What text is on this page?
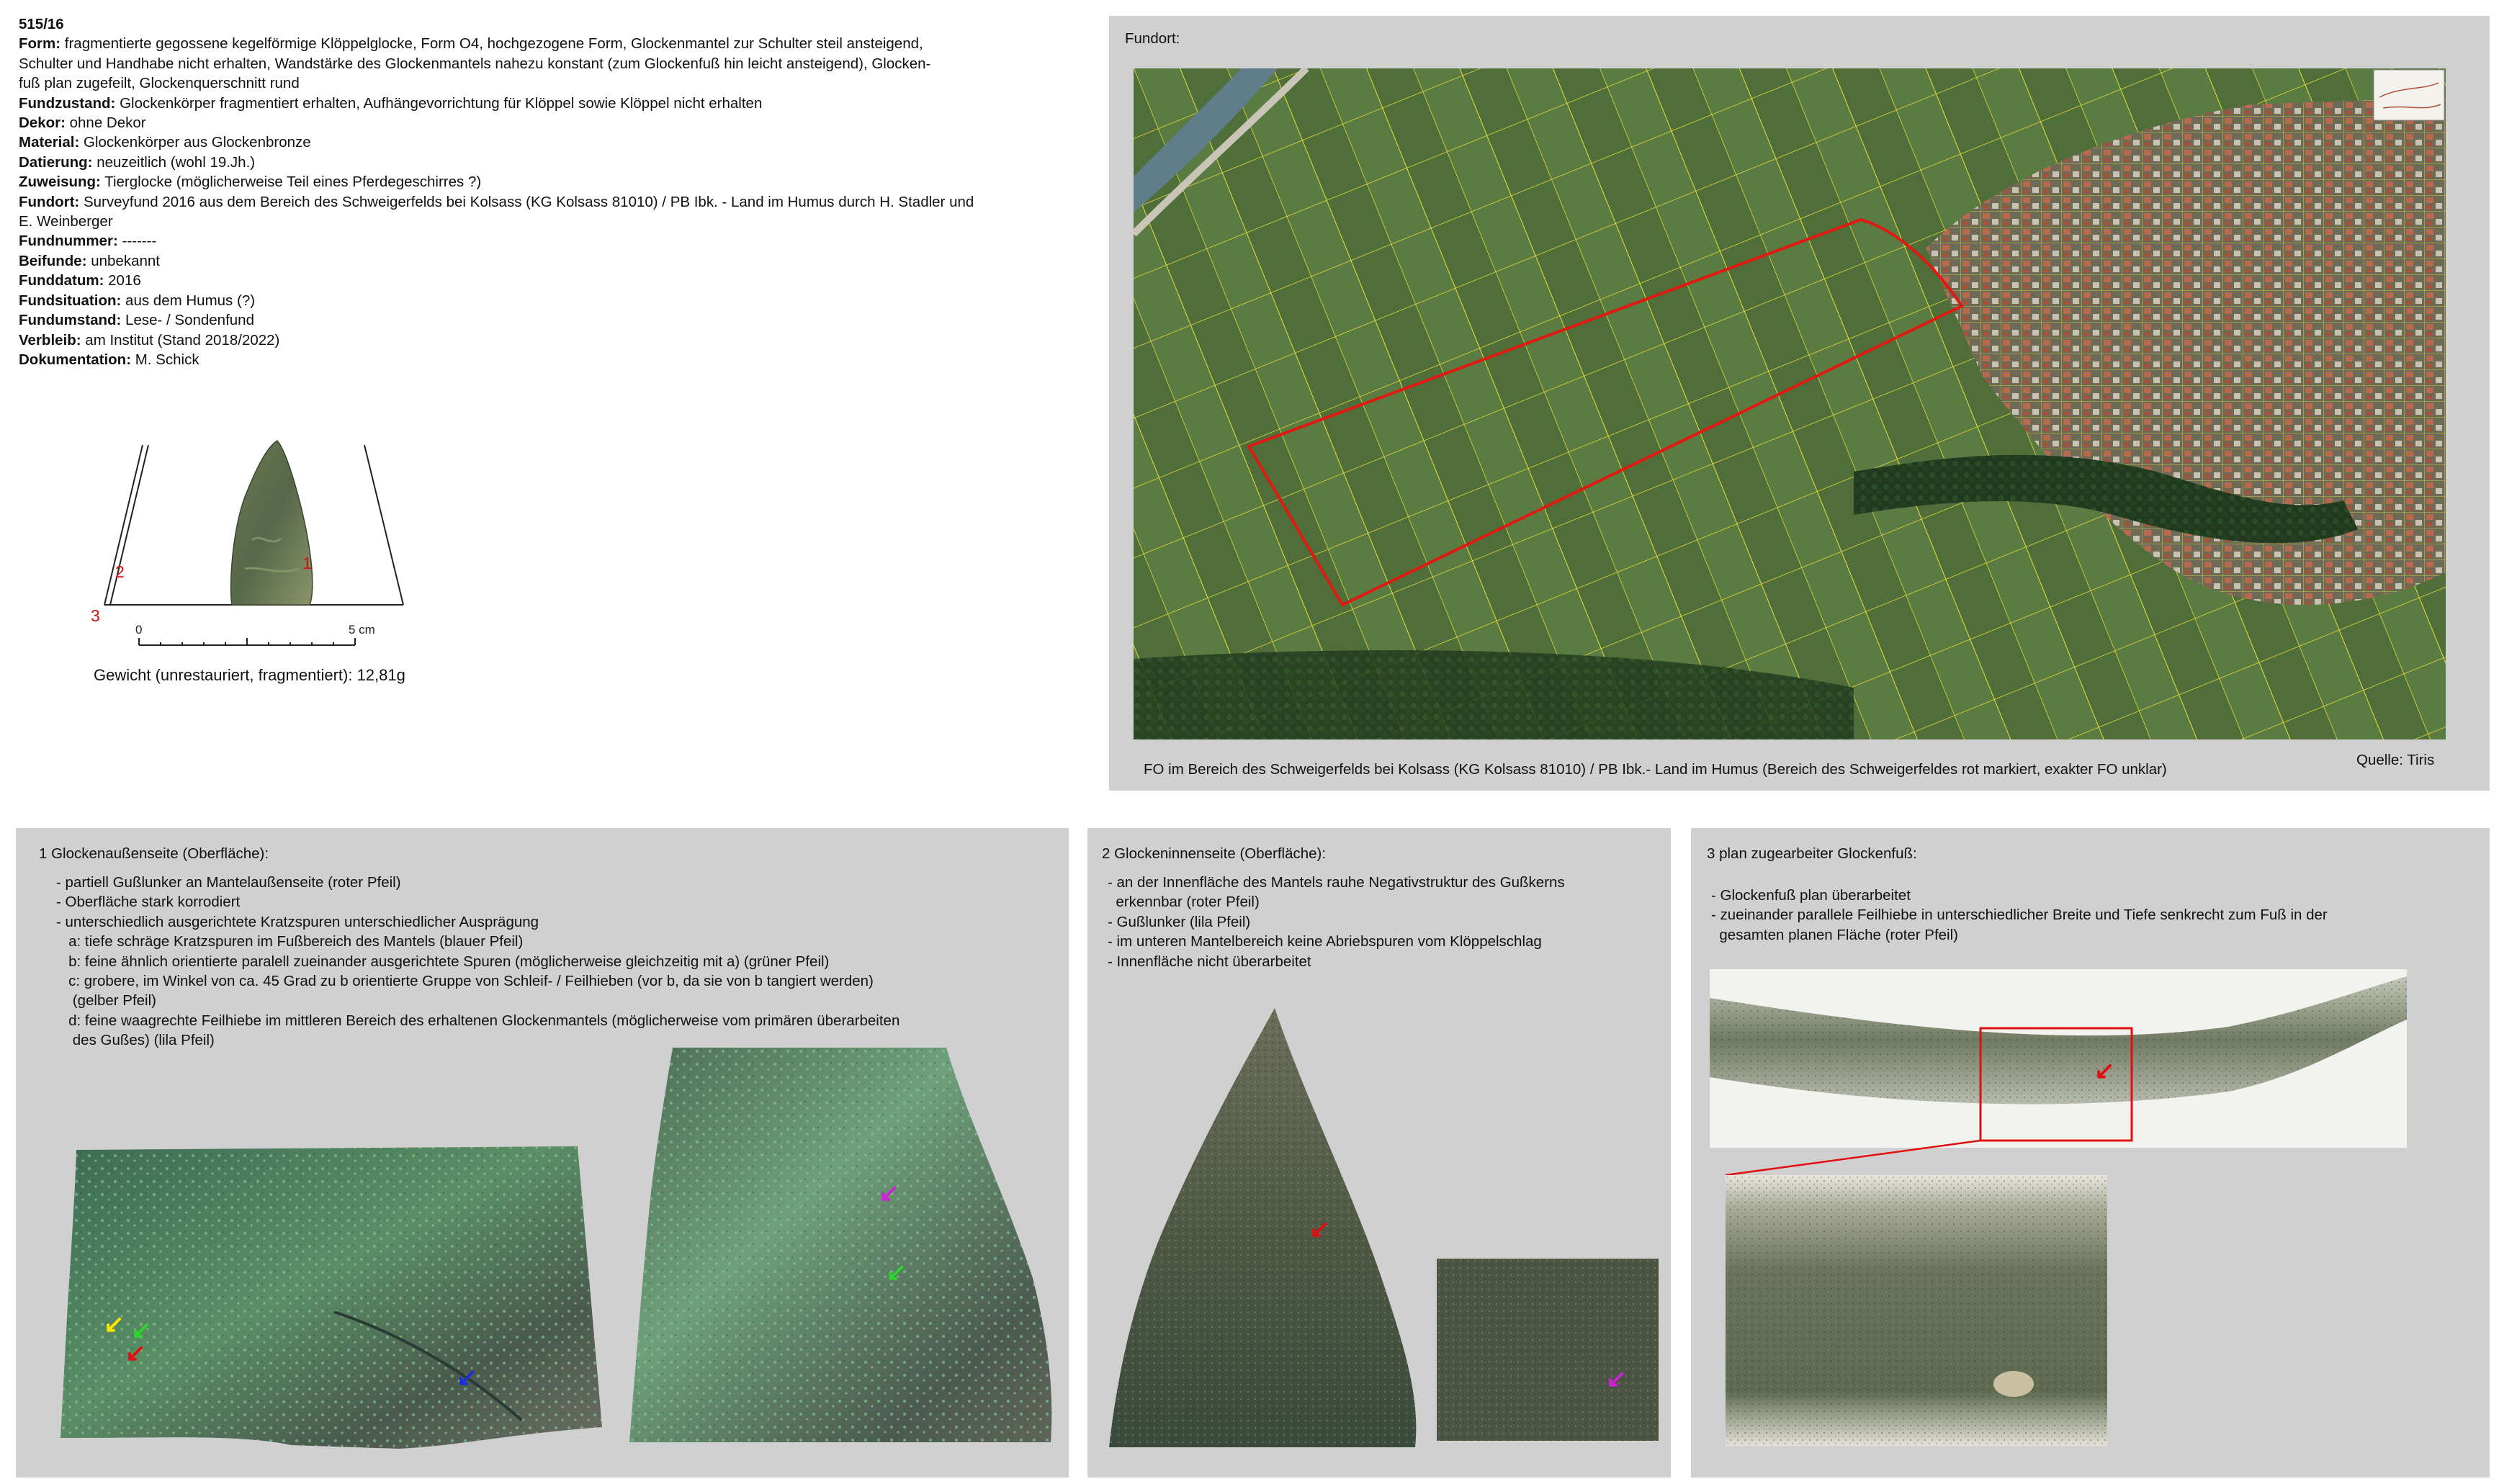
515/16
Form: fragmentierte gegossene kegelförmige Klöppelglocke, Form O4, hochgezogene Form, Glockenmantel zur Schulter steil ansteigend,
Schulter und Handhabe nicht erhalten, Wandstärke des Glockenmantels nahezu konstant (zum Glockenfuß hin leicht ansteigend), Glocken-
fuß plan zugefeilt, Glockenquerschnitt rund
Fundzustand: Glockenkörper fragmentiert erhalten, Aufhängevorrichtung für Klöppel sowie Klöppel nicht erhalten
Dekor: ohne Dekor
Material: Glockenkörper aus Glockenbronze
Datierung: neuzeitlich (wohl 19.Jh.)
Zuweisung: Tierglocke (möglicherweise Teil eines Pferdegeschirres ?)
Fundort: Surveyfund 2016 aus dem Bereich des Schweigerfelds bei Kolsass (KG Kolsass 81010) / PB Ibk. - Land im Humus durch H. Stadler und
E. Weinberger
Fundnummer: -------
Beifunde: unbekannt
Funddatum: 2016
Fundsituation: aus dem Humus (?)
Fundumstand: Lese- / Sondenfund
Verbleib: am Institut (Stand 2018/2022)
Dokumentation: M. Schick
1
2
3
0	5 cm
Gewicht (unrestauriert, fragmentiert): 12,81g
Fundort:
FO im Bereich des Schweigerfelds bei Kolsass (KG Kolsass 81010) / PB Ibk.- Land im Humus (Bereich des Schweigerfeldes rot markiert, exakter FO unklar)
Quelle: Tiris
1 Glockenaußenseite (Oberfläche):
- partiell Gußlunker an Mantelaußenseite (roter Pfeil)
- Oberfläche stark korrodiert
- unterschiedlich ausgerichtete Kratzspuren unterschiedlicher Ausprägung
a: tiefe schräge Kratzspuren im Fußbereich des Mantels (blauer Pfeil)
b: feine ähnlich orientierte paralell zueinander ausgerichtete Spuren (möglicherweise gleichzeitig mit a) (grüner Pfeil)
c: grobere, im Winkel von ca. 45 Grad zu b orientierte Gruppe von Schleif- / Feilhieben (vor b, da sie von b tangiert werden)
(gelber Pfeil)
d: feine waagrechte Feilhiebe im mittleren Bereich des erhaltenen Glockenmantels (möglicherweise vom primären überarbeiten
des Gußes) (lila Pfeil)
↙ ↙
↙
↙
↙
↙
2 Glockeninnenseite (Oberfläche):
- an der Innenfläche des Mantels rauhe Negativstruktur des Gußkerns
erkennbar (roter Pfeil)
- Gußlunker (lila Pfeil)
- im unteren Mantelbereich keine Abriebspuren vom Klöppelschlag
- Innenfläche nicht überarbeitet
↙
↙
3 plan zugearbeiter Glockenfuß:
- Glockenfuß plan überarbeitet
- zueinander parallele Feilhiebe in unterschiedlicher Breite und Tiefe senkrecht zum Fuß in der
gesamten planen Fläche (roter Pfeil)
↙
